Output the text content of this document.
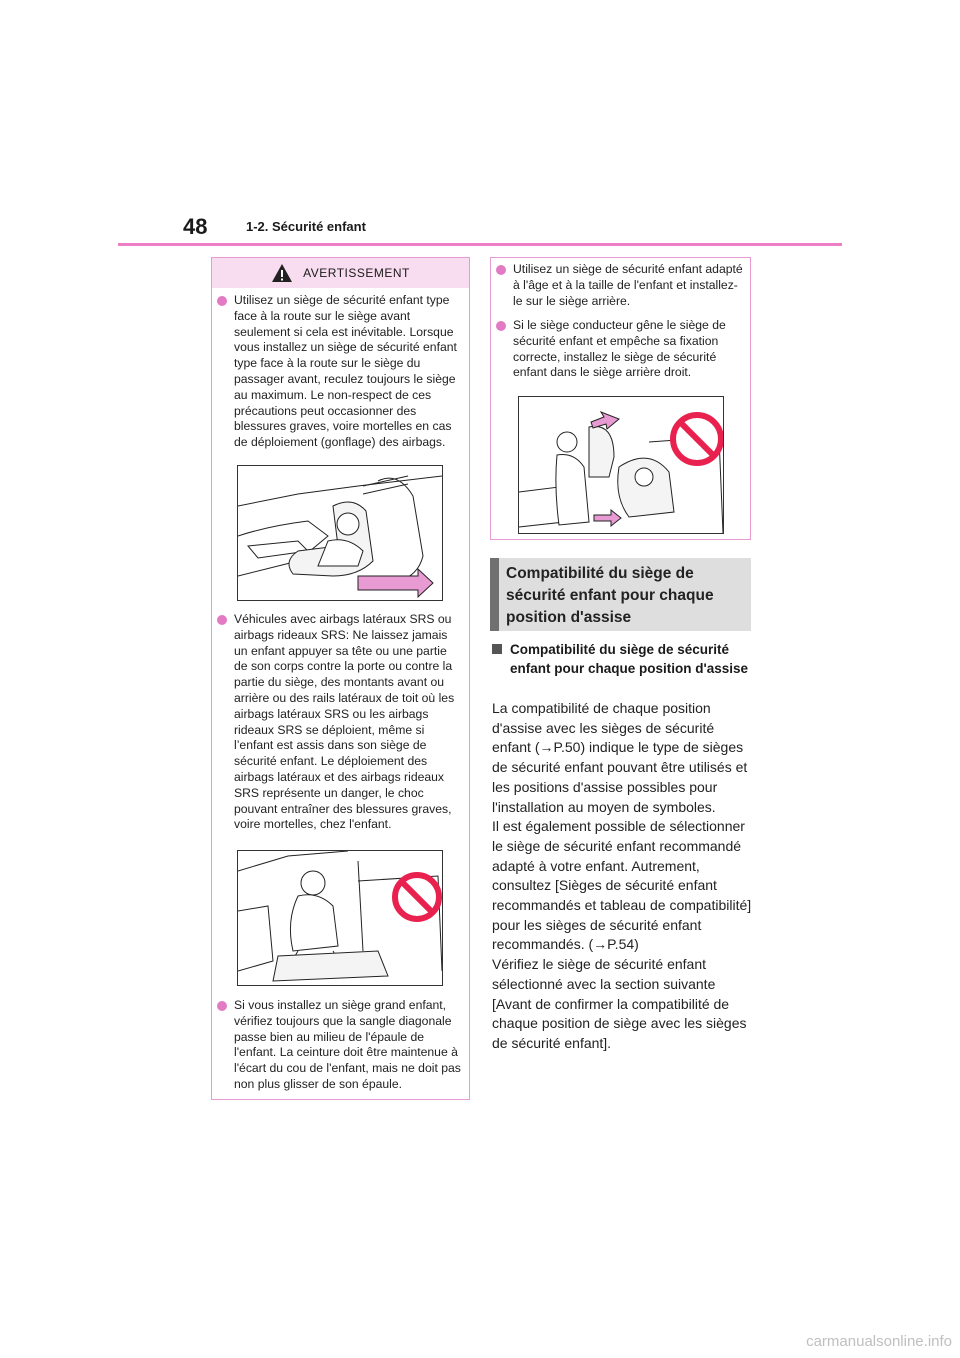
48	1-2. Sécurité enfant
AVERTISSEMENT
Utilisez un siège de sécurité enfant type face à la route sur le siège avant seulement si cela est inévitable. Lorsque vous installez un siège de sécurité enfant type face à la route sur le siège du passager avant, reculez toujours le siège au maximum. Le non-respect de ces précautions peut occasionner des blessures graves, voire mortelles en cas de déploiement (gonflage) des airbags.
Véhicules avec airbags latéraux SRS ou airbags rideaux SRS: Ne laissez jamais un enfant appuyer sa tête ou une partie de son corps contre la porte ou contre la partie du siège, des montants avant ou arrière ou des rails latéraux de toit où les airbags latéraux SRS ou les airbags rideaux SRS se déploient, même si l’enfant est assis dans son siège de sécurité enfant. Le déploiement des airbags latéraux et des airbags rideaux SRS représente un danger, le choc pouvant entraîner des blessures graves, voire mortelles, chez l'enfant.
Si vous installez un siège grand enfant, vérifiez toujours que la sangle diagonale passe bien au milieu de l'épaule de l'enfant. La ceinture doit être maintenue à l'écart du cou de l'enfant, mais ne doit pas non plus glisser de son épaule.
Utilisez un siège de sécurité enfant adapté à l'âge et à la taille de l'enfant et installez-le sur le siège arrière.
Si le siège conducteur gêne le siège de sécurité enfant et empêche sa fixation correcte, installez le siège de sécurité enfant dans le siège arrière droit.
Compatibilité du siège de sécurité enfant pour chaque position d'assise
Compatibilité du siège de sécurité enfant pour chaque position d'assise

La compatibilité de chaque position d'assise avec les sièges de sécurité enfant (→P.50) indique le type de sièges de sécurité enfant pouvant être utilisés et les positions d'assise possibles pour l'installation au moyen de symboles.

Il est également possible de sélectionner le siège de sécurité enfant recommandé adapté à votre enfant. Autrement, consultez [Sièges de sécurité enfant recommandés et tableau de compatibilité] pour les sièges de sécurité enfant recommandés. (→P.54)

Vérifiez le siège de sécurité enfant sélectionné avec la section suivante [Avant de confirmer la compatibilité de chaque position de siège avec les sièges de sécurité enfant].

carmanualsonline.info
